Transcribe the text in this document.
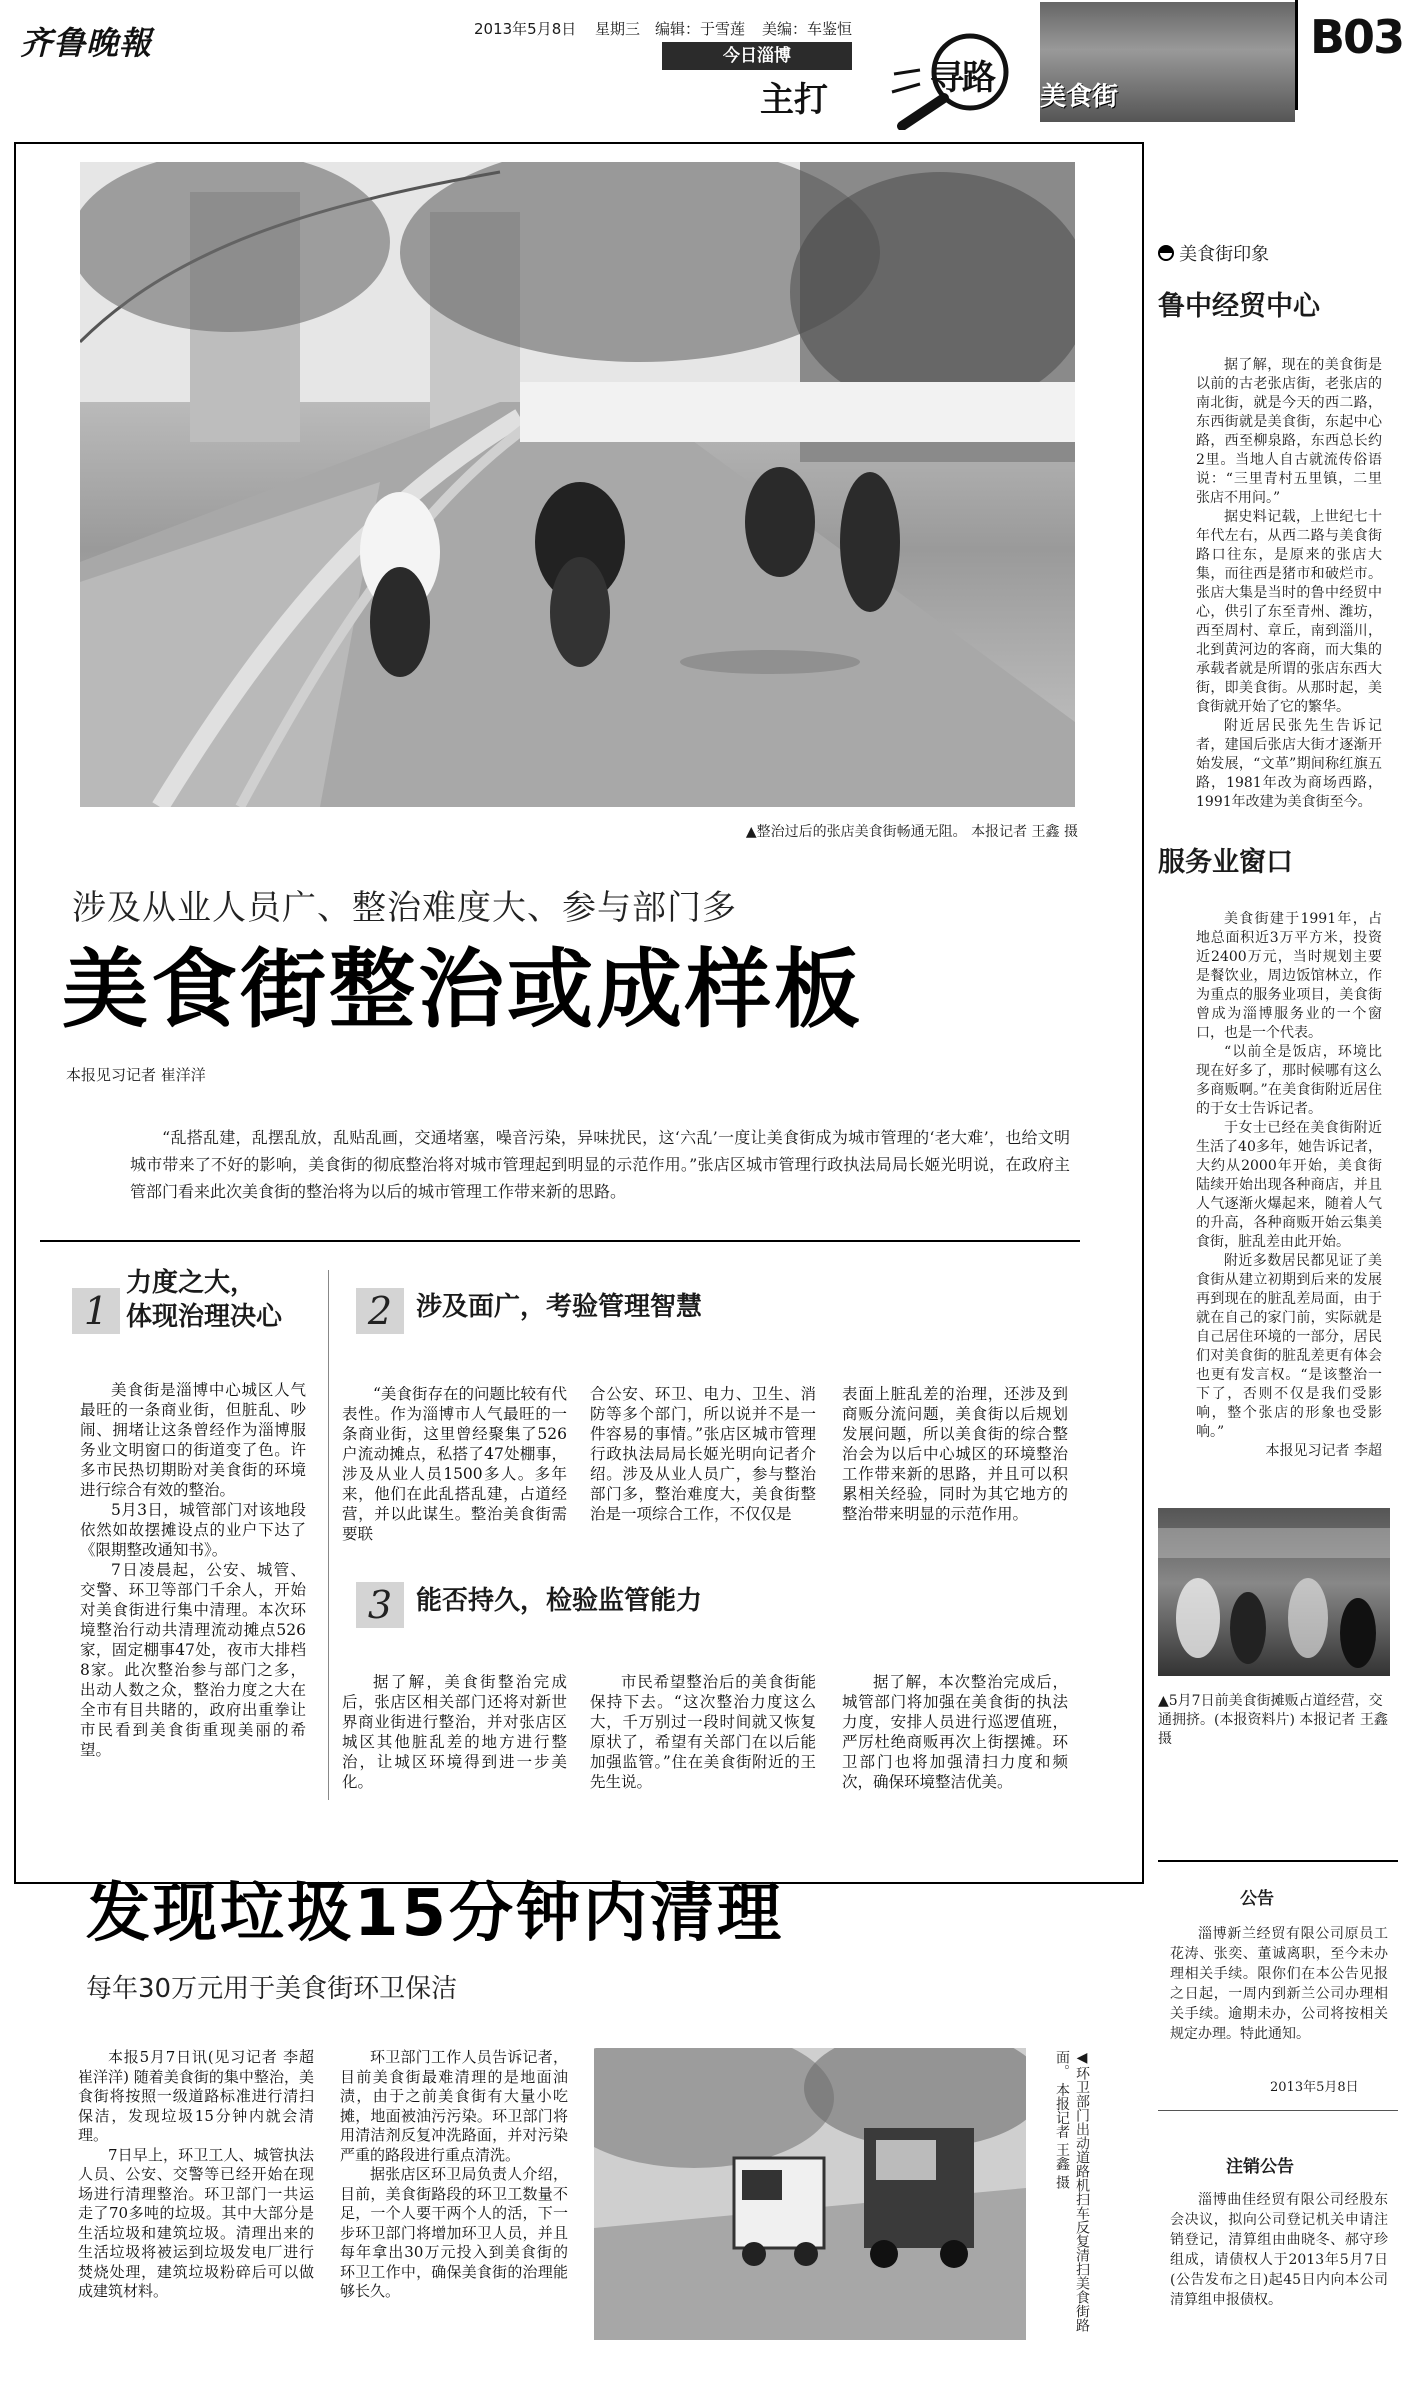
齐鲁晚報	2013年5月8日 星期三 编辑：于雪莲 美编：车鉴恒
今日淄博
主打
寻路 美食街
B03
▲整治过后的张店美食街畅通无阻。 本报记者 王鑫 摄
涉及从业人员广、整治难度大、参与部门多
美食街整治或成样板
本报见习记者 崔洋洋
“乱搭乱建，乱摆乱放，乱贴乱画，交通堵塞，噪音污染，异味扰民，这‘六乱’一度让美食街成为城市管理的‘老大难’，也给文明城市带来了不好的影响，美食街的彻底整治将对城市管理起到明显的示范作用。”张店区城市管理行政执法局局长姬光明说，在政府主管部门看来此次美食街的整治将为以后的城市管理工作带来新的思路。
1
力度之大，
体现治理决心

美食街是淄博中心城区人气最旺的一条商业街，但脏乱、吵闹、拥堵让这条曾经作为淄博服务业文明窗口的街道变了色。许多市民热切期盼对美食街的环境进行综合有效的整治。

5月3日，城管部门对该地段依然如故摆摊设点的业户下达了《限期整改通知书》。

7日凌晨起，公安、城管、交警、环卫等部门千余人，开始对美食街进行集中清理。本次环境整治行动共清理流动摊点526家，固定棚事47处，夜市大排档8家。此次整治参与部门之多，出动人数之众，整治力度之大在全市有目共睹的，政府出重拳让市民看到美食街重现美丽的希望。

2 涉及面广，考验管理智慧

“美食街存在的问题比较有代表性。作为淄博市人气最旺的一条商业街，这里曾经聚集了526户流动摊点，私搭了47处棚事，涉及从业人员1500多人。多年来，他们在此乱搭乱建，占道经营，并以此谋生。整治美食街需要联

合公安、环卫、电力、卫生、消防等多个部门，所以说并不是一件容易的事情。”张店区城市管理行政执法局局长姬光明向记者介绍。涉及从业人员广，参与整治部门多，整治难度大，美食街整治是一项综合工作，不仅仅是

表面上脏乱差的治理，还涉及到商贩分流问题，美食街以后规划发展问题，所以美食街的综合整治会为以后中心城区的环境整治工作带来新的思路，并且可以积累相关经验，同时为其它地方的整治带来明显的示范作用。

3 能否持久，检验监管能力

据了解，美食街整治完成后，张店区相关部门还将对新世界商业街进行整治，并对张店区城区其他脏乱差的地方进行整治，让城区环境得到进一步美化。

市民希望整治后的美食街能保持下去。“这次整治力度这么大，千万别过一段时间就又恢复原状了，希望有关部门在以后能加强监管。”住在美食街附近的王先生说。

据了解，本次整治完成后，城管部门将加强在美食街的执法力度，安排人员进行巡逻值班，严厉杜绝商贩再次上街摆摊。环卫部门也将加强清扫力度和频次，确保环境整洁优美。

发现垃圾15分钟内清理
每年30万元用于美食街环卫保洁

本报5月7日讯(见习记者 李超 崔洋洋) 随着美食街的集中整治，美食街将按照一级道路标准进行清扫保洁，发现垃圾15分钟内就会清理。

7日早上，环卫工人、城管执法人员、公安、交警等已经开始在现场进行清理整治。环卫部门一共运走了70多吨的垃圾。其中大部分是生活垃圾和建筑垃圾。清理出来的生活垃圾将被运到垃圾发电厂进行焚烧处理，建筑垃圾粉碎后可以做成建筑材料。

环卫部门工作人员告诉记者，目前美食街最难清理的是地面油渍，由于之前美食街有大量小吃摊，地面被油污污染。环卫部门将用清洁剂反复冲洗路面，并对污染严重的路段进行重点清洗。

据张店区环卫局负责人介绍，目前，美食街路段的环卫工数量不足，一个人要干两个人的活，下一步环卫部门将增加环卫人员，并且每年拿出30万元投入到美食街的环卫工作中，确保美食街的治理能够长久。	◀环卫部门出动道路机扫车反复清扫美食街路面。 本报记者 王鑫 摄
美食街印象
鲁中经贸中心

据了解，现在的美食街是以前的古老张店街，老张店的南北街，就是今天的西二路，东西街就是美食街，东起中心路，西至柳泉路，东西总长约2里。当地人自古就流传俗语说：“三里青村五里镇，二里张店不用问。”

据史料记载，上世纪七十年代左右，从西二路与美食街路口往东，是原来的张店大集，而往西是猪市和破烂市。张店大集是当时的鲁中经贸中心，供引了东至青州、潍坊，西至周村、章丘，南到淄川，北到黄河边的客商，而大集的承载者就是所谓的张店东西大街，即美食街。从那时起，美食街就开始了它的繁华。

附近居民张先生告诉记者，建国后张店大街才逐渐开始发展，“文革”期间称红旗五路，1981年改为商场西路，1991年改建为美食街至今。

服务业窗口

美食街建于1991年，占地总面积近3万平方米，投资近2400万元，当时规划主要是餐饮业，周边饭馆林立，作为重点的服务业项目，美食街曾成为淄博服务业的一个窗口，也是一个代表。

“以前全是饭店，环境比现在好多了，那时候哪有这么多商贩啊。”在美食街附近居住的于女士告诉记者。

于女士已经在美食街附近生活了40多年，她告诉记者，大约从2000年开始，美食街陆续开始出现各种商店，并且人气逐渐火爆起来，随着人气的升高，各种商贩开始云集美食街，脏乱差由此开始。

附近多数居民都见证了美食街从建立初期到后来的发展再到现在的脏乱差局面，由于就在自己的家门前，实际就是自己居住环境的一部分，居民们对美食街的脏乱差更有体会也更有发言权。“是该整治一下了，否则不仅是我们受影响，整个张店的形象也受影响。”

本报见习记者 李超

▲5月7日前美食街摊贩占道经营，交通拥挤。(本报资料片) 本报记者 王鑫 摄

公告

淄博新兰经贸有限公司原员工花涛、张奕、董诚离职，至今未办理相关手续。限你们在本公告见报之日起，一周内到新兰公司办理相关手续。逾期未办，公司将按相关规定办理。特此通知。

2013年5月8日
注销公告

淄博曲佳经贸有限公司经股东会决议，拟向公司登记机关申请注销登记，清算组由曲晓冬、郝守珍组成，请债权人于2013年5月7日(公告发布之日)起45日内向本公司清算组申报债权。
